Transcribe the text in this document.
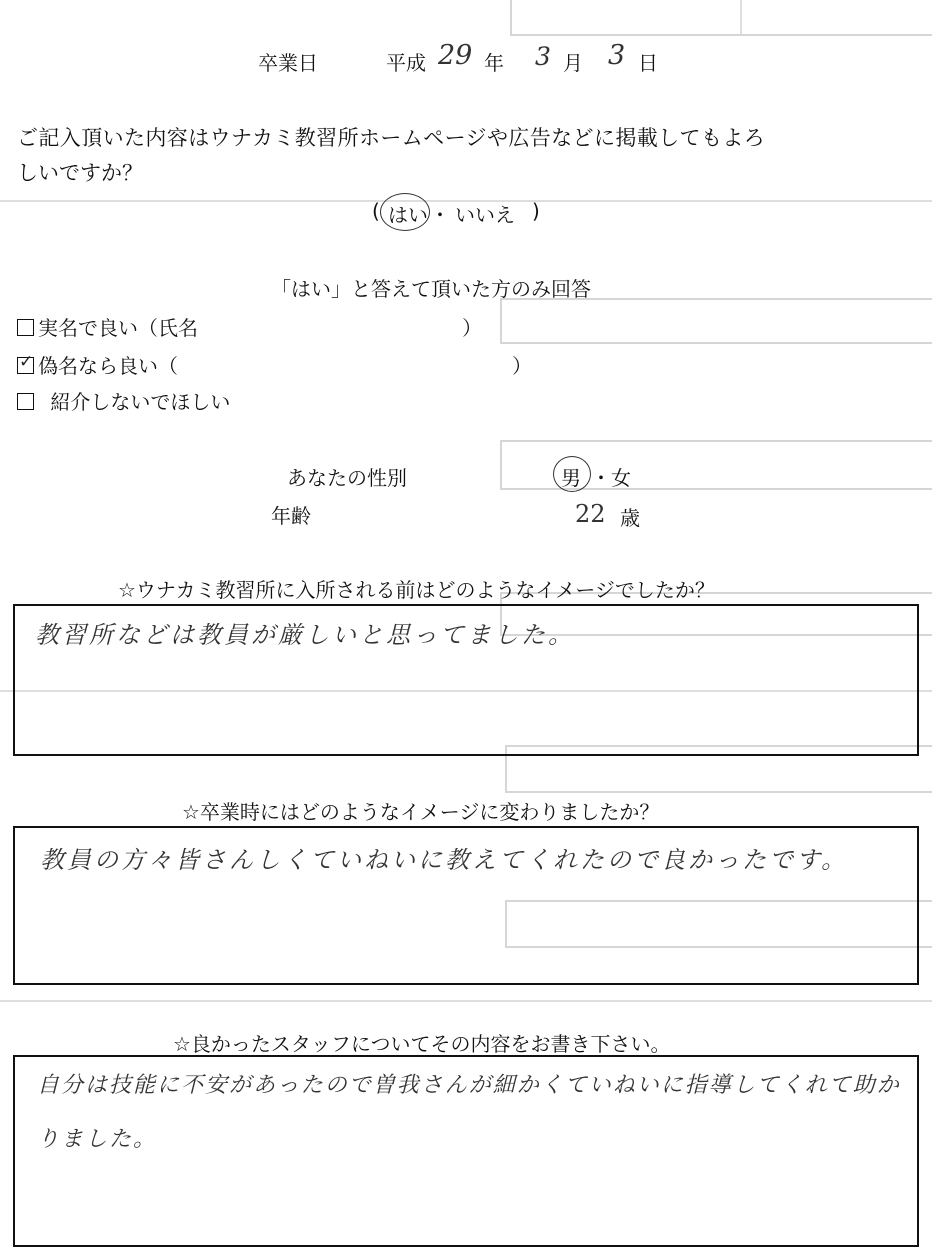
卒業日	平成 29 年 3 月 3 日
ご記入頂いた内容はウナカミ教習所ホームページや広告などに掲載してもよろ
しいですか？
( はい ・ いいえ )
「はい」と答えて頂いた方のみ回答
実名で良い（氏名	）
✓偽名なら良い（	）
紹介しないでほしい
あなたの性別	男 ・ 女
年齢	22 歳
☆ウナカミ教習所に入所される前はどのようなイメージでしたか？
教習所などは教員が厳しいと思ってました。
☆卒業時にはどのようなイメージに変わりましたか？
教員の方々皆さんしくていねいに教えてくれたので良かったです。
☆良かったスタッフについてその内容をお書き下さい。
自分は技能に不安があったので曽我さんが細かくていねいに指導してくれて助か
りました。
